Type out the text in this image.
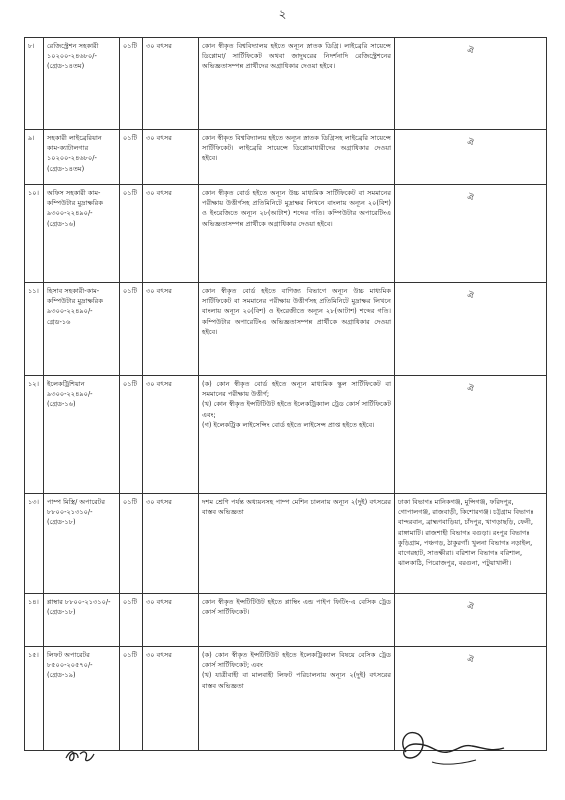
২
৮।	রেজিস্ট্রেশন সহকারী ১০২০০-২৪৬৮০/- (গ্রেড-১৪তম)	০১টি	৩০ বৎসর	কোন স্বীকৃত বিশ্ববিদ্যালয় হইতে অন্যূন স্নাতক ডিগ্রি। লাইব্রেরি সায়েন্সে ডিপ্লোমা/ সার্টিফিকেট অথবা জাদুঘরের নিদর্শনাদি রেজিস্ট্রেশনের অভিজ্ঞতাসম্পন্ন প্রার্থীদের অগ্রাধিকার দেওয়া হইবে।	ঐ

৯।	সহকারী লাইব্রেরিয়ান কাম-ক্যাটালগার ১০২০০-২৪৬৮০/- (গ্রেড-১৪তম)	০১টি	৩০ বৎসর	কোন স্বীকৃত বিশ্ববিদ্যালয় হইতে অন্যূন স্নাতক ডিগ্রিসহ লাইব্রেরি সায়েন্সে সার্টিফিকেট। লাইব্রেরি সায়েন্সে ডিপ্লোমাধারীদের অগ্রাধিকার দেওয়া হইবে।	ঐ

১০।	অফিস সহকারী কাম-কম্পিউটার মুদ্রাক্ষরিক ৯৩০০-২২৪৯০/- (গ্রেড-১৬)	০১টি	৩০ বৎসর	কোন স্বীকৃত বোর্ড হইতে অন্যূন উচ্চ মাধ্যমিক সার্টিফিকেট বা সমমানের পরীক্ষায় উত্তীর্ণসহ প্রতিমিনিটে মুদ্রাক্ষর লিখনে বাংলায় অন্যূন ২০(বিশ) ও ইংরেজিতে অন্যূন ২৮(আটাশ) শব্দের গতি। কম্পিউটার অপারেটিংএ অভিজ্ঞতাসম্পন্ন প্রার্থীকে অগ্রাধিকার দেওয়া হইবে।	ঐ

১১।	হিসাব সহকারী-কাম- কম্পিউটার মুদ্রাক্ষরিক ৯৩০০-২২৪৯০/- গ্রেড-১৬	০১টি	৩০ বৎসর	কোন স্বীকৃত বোর্ড হইতে বাণিজ্য বিভাগে অন্যূন উচ্চ মাধ্যমিক সার্টিফিকেট বা সমমানের পরীক্ষায় উত্তীর্ণসহ প্রতিমিনিটে মুদ্রাক্ষর লিখনে বাংলায় অন্যূন ২০(বিশ) ও ইংরেজীতে অন্যূন ২৮(আটাশ) শব্দের গতি। কম্পিউটার অপারেটিংএ অভিজ্ঞতাসম্পন্ন প্রার্থীকে অগ্রাধিকার দেওয়া হইবে।	ঐ

১২।	ইলেকট্রিশিয়ান ৯৩০০-২২৪৯০/- (গ্রেড-১৬)	০১টি	৩০ বৎসর	(ক) কোন স্বীকৃত বোর্ড হইতে অন্যূন মাধ্যমিক স্কুল সার্টিফিকেট বা সমমানের পরীক্ষায় উত্তীর্ণ;
(খ) কোন স্বীকৃত ইন্সটিটিউট হইতে ইলেকট্রিক্যাল ট্রেড কোর্স সার্টিফিকেট এবং;
(গ) ইলেকট্রিক লাইসেন্সিং বোর্ড হইতে লাইসেন্স প্রাপ্ত হইতে হইবে।	ঐ

১৩।	পাম্প মিস্ত্রি/ অপারেটর ৮৮০০-২১৩১০/- (গ্রেড-১৮)	০১টি	৩০ বৎসর	দশম শ্রেণি পর্যন্ত অধ্যয়নসহ পাম্প মেশিন চালনায় অন্যূন ২(দুই) বৎসরের বাস্তব অভিজ্ঞতা	ঢাকা বিভাগঃ মানিকগঞ্জ, মুন্সিগঞ্জ, ফরিদপুর, গোপালগঞ্জ, রাজবাড়ী, কিশোরগঞ্জ। চট্টগ্রাম বিভাগঃ বান্দরবান, ব্রাহ্মণবাড়িয়া, চাঁদপুর, খাগড়াছড়ি, ফেনী, রাঙ্গামাটি। রাজশাহী বিভাগঃ বগুড়া। রংপুর বিভাগঃ কুড়িগ্রাম, পঞ্চগড়, ঠাকুরগাঁ। খুলনা বিভাগঃ নড়াইল, বাগেরহাট, সাতক্ষীরা। বরিশাল বিভাগঃ বরিশাল, ঝালকাঠি, পিরোজপুর, বরগুনা, পটুয়াখালী।
১৪।	প্লাম্বার ৮৮০০-২১৩১০/- (গ্রেড-১৮)	০১টি	৩০ বৎসর	কোন স্বীকৃত ইন্সটিটিউট হইতে প্লাম্বিং এন্ড পাইপ ফিটিং-এ বেসিক ট্রেড কোর্স সার্টিফিকেট।	ঐ

১৫।	লিফট অপারেটর ৮৫০০-২০৫৭০/- (গ্রেড-১৯)	০১টি	৩০ বৎসর	(ক) কোন স্বীকৃত ইন্সটিটিউট হইতে ইলেকট্রিক্যাল বিষয়ে বেসিক ট্রেড কোর্স সার্টিফিকেট; এবং
(খ) যাত্রীবাহী বা মালবাহী লিফট পরিচালনায় অন্যূন ২(দুই) বৎসরের বাস্তব অভিজ্ঞতা	ঐ
